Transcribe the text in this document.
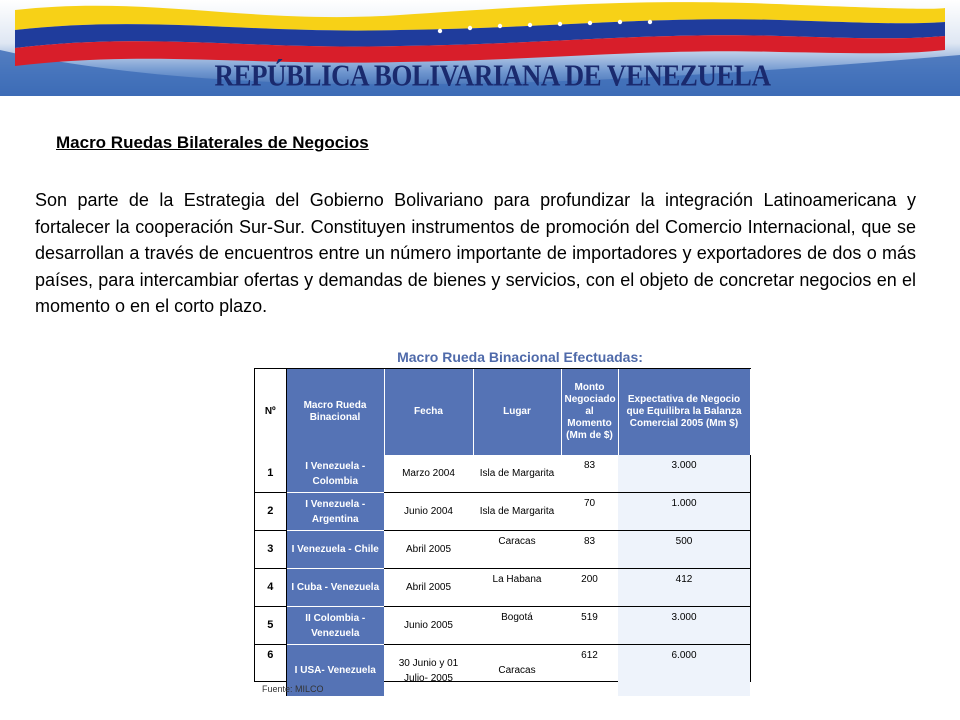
REPÚBLICA BOLIVARIANA DE VENEZUELA
Macro Ruedas Bilaterales de Negocios

Son parte de la Estrategia del Gobierno Bolivariano para profundizar la integración Latinoamericana y fortalecer la cooperación Sur-Sur. Constituyen instrumentos de promoción del Comercio Internacional, que se desarrollan a través de encuentros entre un número importante de importadores y exportadores de dos o más países, para intercambiar ofertas y demandas de bienes y servicios, con el objeto de concretar negocios en el momento o en el corto plazo.

Macro Rueda Binacional Efectuadas:

Nº	Macro Rueda Binacional	Fecha	Lugar	Monto Negociado al Momento (Mm de $)	Expectativa de Negocio que Equilibra la Balanza Comercial 2005 (Mm $)
1	I Venezuela - Colombia	Marzo 2004	Isla de Margarita	83	3.000
2	I Venezuela - Argentina	Junio 2004	Isla de Margarita	70	1.000
3	I Venezuela - Chile	Abril 2005	Caracas	83	500
4	I Cuba - Venezuela	Abril 2005	La Habana	200	412
5	II Colombia - Venezuela	Junio 2005	Bogotá	519	3.000
6	I USA- Venezuela	30 Junio y 01 Julio- 2005	Caracas	612	6.000

Fuente: MILCO
